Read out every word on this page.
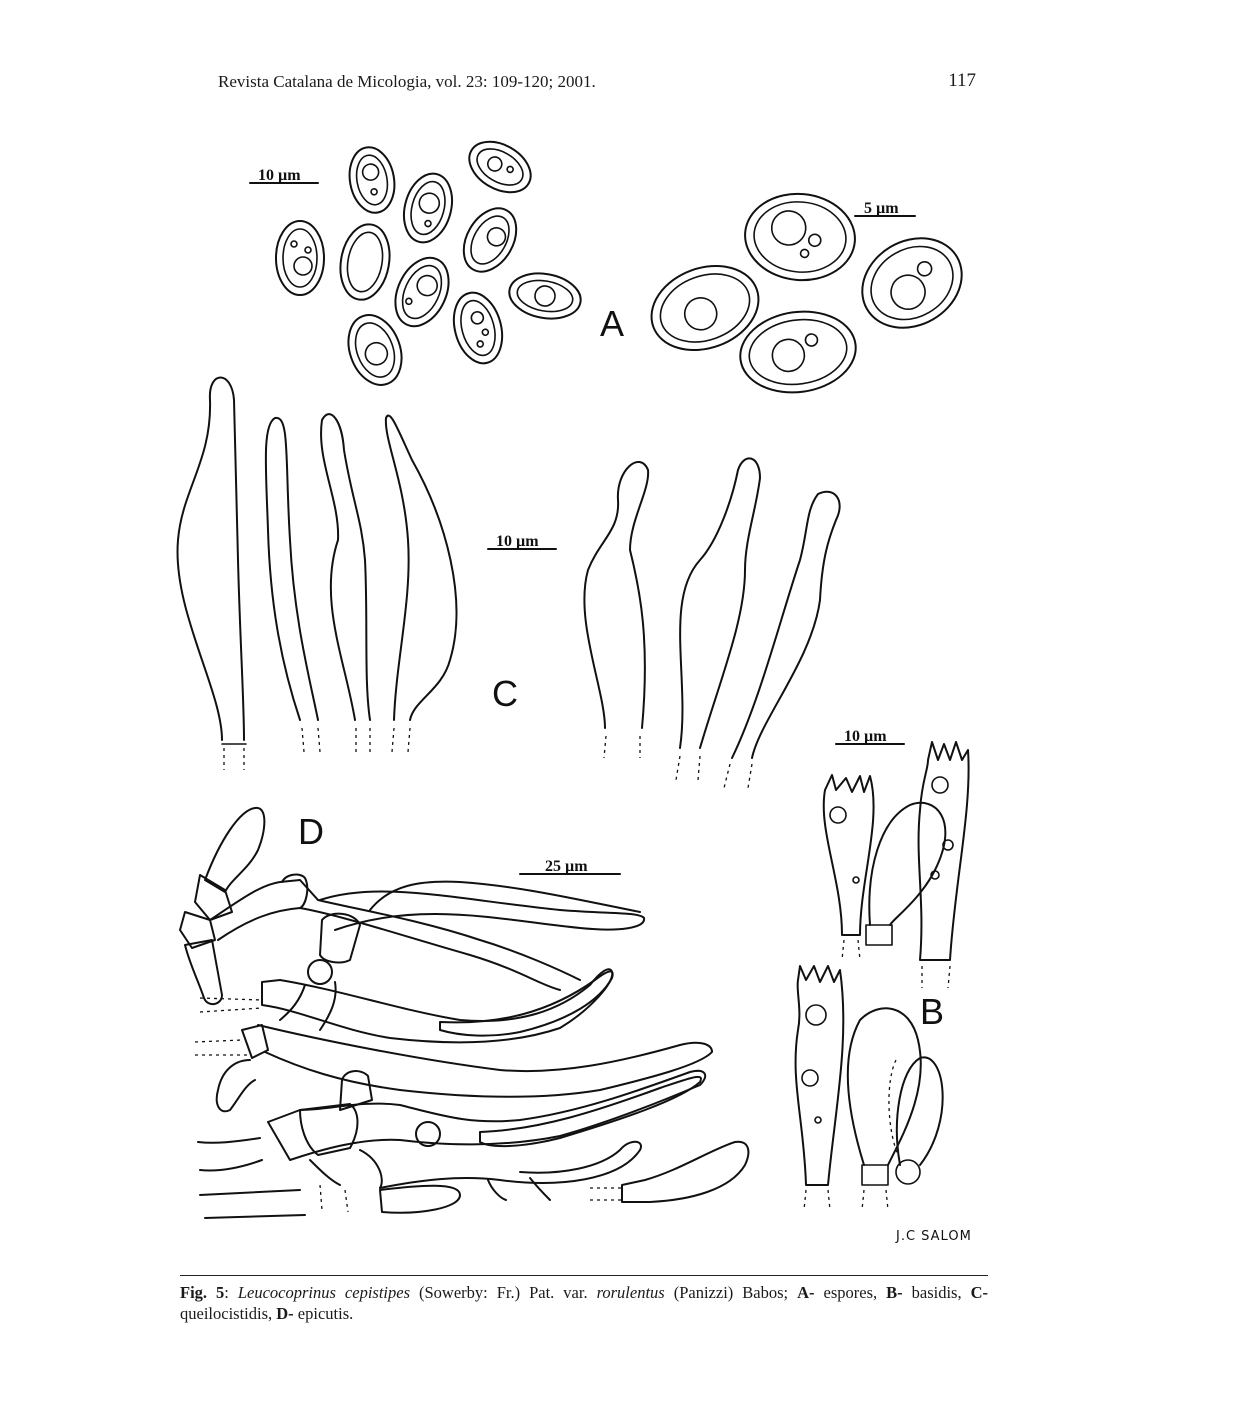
Revista Catalana de Micologia, vol. 23: 109-120; 2001.	117
10 µm
A
5 µm
10 µm
C
10 µm
B
25 µm
D
J.C SALOM
Fig. 5: Leucocoprinus cepistipes (Sowerby: Fr.) Pat. var. rorulentus (Panizzi) Babos; A- espores, B- basidis, C- queilocistidis, D- epicutis.
